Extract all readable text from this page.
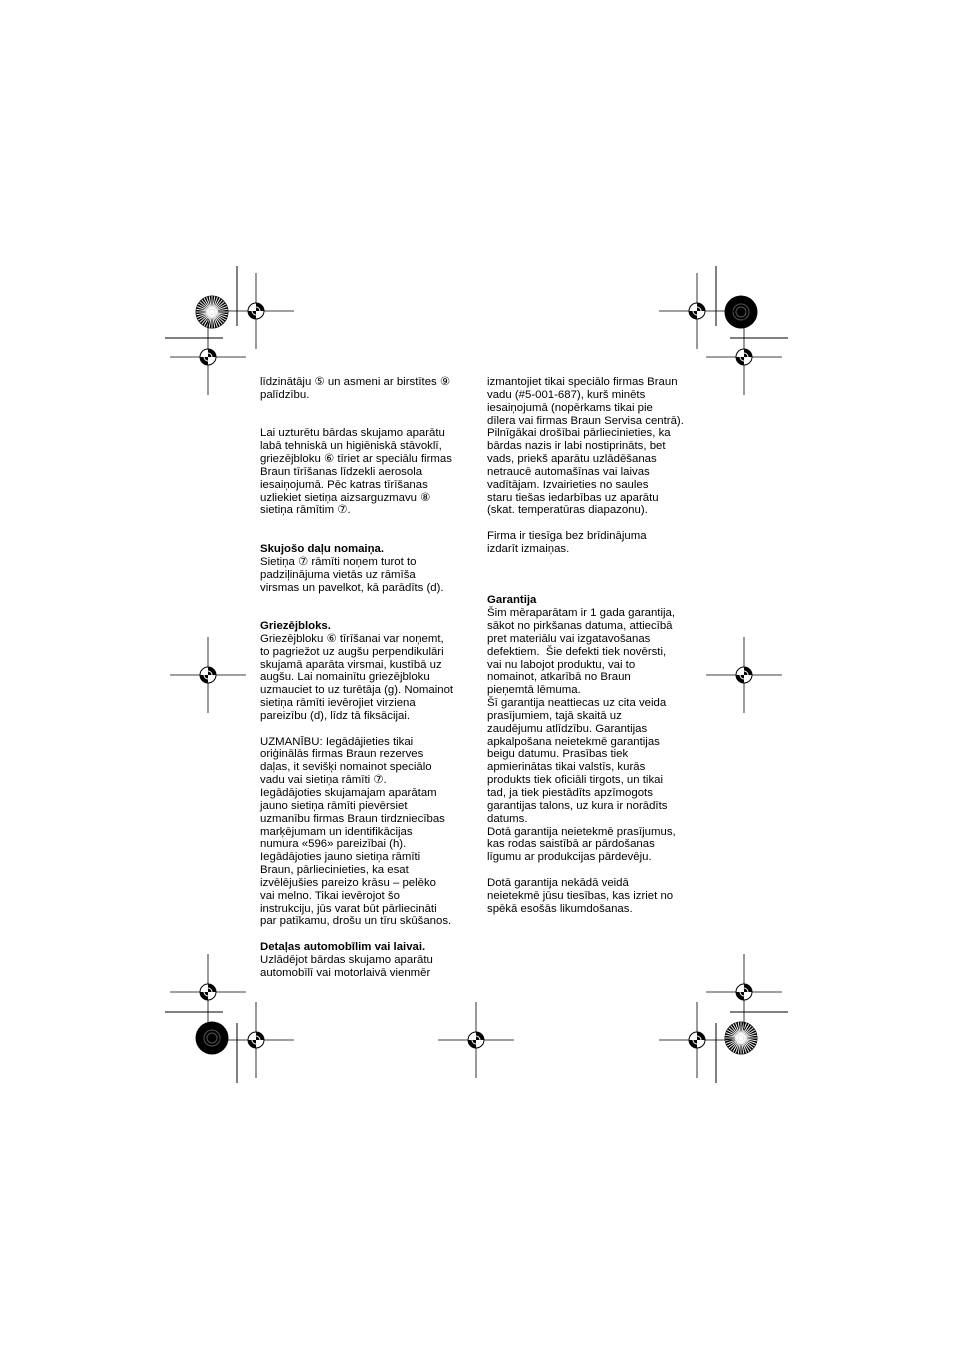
līdzinātāju ⑤ un asmeni ar birstītes ⑨

palīdzību.

Lai uzturētu bārdas skujamo aparātu

labā tehniskā un higiēniskā stāvoklī,

griezējbloku ⑥ tīriet ar speciālu firmas

Braun tīrīšanas līdzekli aerosola

iesaiņojumā. Pēc katras tīrīšanas

uzliekiet sietiņa aizsarguzmavu ⑧

sietiņa rāmītim ⑦.

Skujošo daļu nomaiņa.

Sietiņa ⑦ rāmīti noņem turot to

padziļinājuma vietās uz rāmīša

virsmas un pavelkot, kā parādīts (d).

Griezējbloks.

Griezējbloku ⑥ tīrīšanai var noņemt,

to pagriežot uz augšu perpendikulāri

skujamā aparāta virsmai, kustībā uz

augšu. Lai nomainītu griezējbloku

uzmauciet to uz turētāja (g). Nomainot

sietiņa rāmīti ievērojiet virziena

pareizību (d), līdz tā fiksācijai.

UZMANĪBU: Iegādājieties tikai

oriģinālās firmas Braun rezerves

daļas, it sevišķi nomainot speciālo

vadu vai sietiņa rāmīti ⑦.

Iegādājoties skujamajam aparātam

jauno sietiņa rāmīti pievērsiet

uzmanību firmas Braun tirdzniecības

marķējumam un identifikācijas

numura «596» pareizībai (h).

Iegādājoties jauno sietiņa rāmīti

Braun, pārliecinieties, ka esat

izvēlējušies pareizo krāsu – pelēko

vai melno. Tikai ievērojot šo

instrukciju, jūs varat būt pārliecināti

par patīkamu, drošu un tīru skūšanos.

Detaļas automobīlim vai laivai.

Uzlādējot bārdas skujamo aparātu

automobīlī vai motorlaivā vienmēr

izmantojiet tikai speciālo firmas Braun

vadu (#5-001-687), kurš minēts

iesaiņojumā (nopērkams tikai pie

dīlera vai firmas Braun Servisa centrā).

Pilnīgākai drošībai pārliecinieties, ka

bārdas nazis ir labi nostiprināts, bet

vads, priekš aparātu uzlādēšanas

netraucē automašīnas vai laivas

vadītājam. Izvairieties no saules

staru tiešas iedarbības uz aparātu

(skat. temperatūras diapazonu).

Firma ir tiesīga bez brīdinājuma

izdarīt izmaiņas.

Garantija

Šim mēraparātam ir 1 gada garantija,

sākot no pirkšanas datuma, attiecībā

pret materiālu vai izgatavošanas

defektiem.  Šie defekti tiek novērsti,

vai nu labojot produktu, vai to

nomainot, atkarībā no Braun

pieņemtā lēmuma.

Šī garantija neattiecas uz cita veida

prasījumiem, tajā skaitā uz

zaudējumu atlīdzību. Garantijas

apkalpošana neietekmē garantijas

beigu datumu. Prasības tiek

apmierinātas tikai valstīs, kurās

produkts tiek oficiāli tirgots, un tikai

tad, ja tiek piestādīts apzīmogots

garantijas talons, uz kura ir norādīts

datums.

Dotā garantija neietekmē prasījumus,

kas rodas saistībā ar pārdošanas

līgumu ar produkcijas pārdevēju.

Dotā garantija nekādā veidā

neietekmē jūsu tiesības, kas izriet no

spēkā esošās likumdošanas.
